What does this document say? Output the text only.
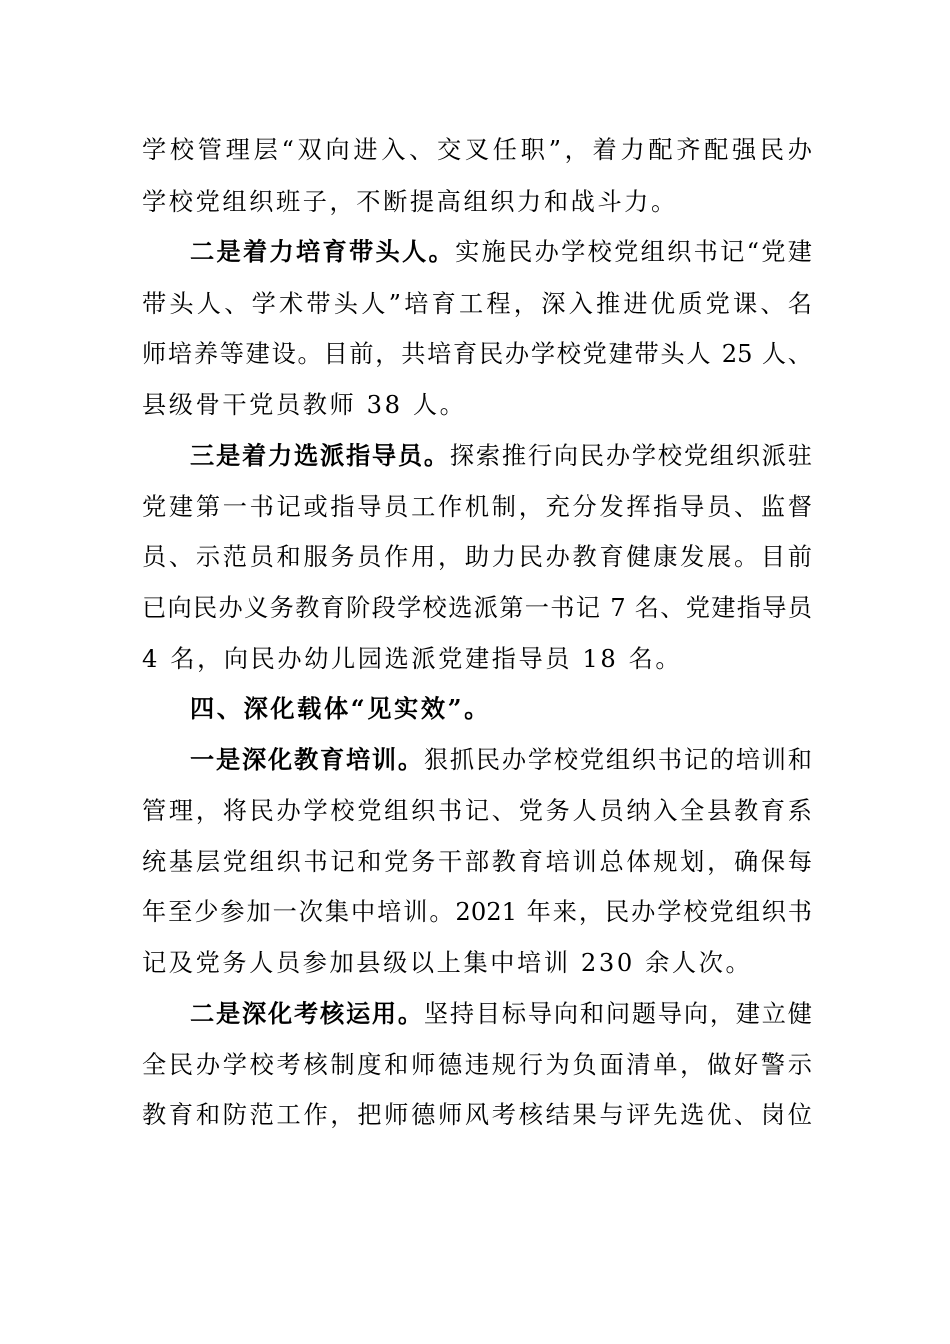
学校管理层“双向进入、交叉任职”，着力配齐配强民办
学校党组织班子，不断提高组织力和战斗力。
二是着力培育带头人。实施民办学校党组织书记“党建
带头人、学术带头人”培育工程，深入推进优质党课、名
师培养等建设。目前，共培育民办学校党建带头人 25 人、
县级骨干党员教师 38 人。
三是着力选派指导员。探索推行向民办学校党组织派驻
党建第一书记或指导员工作机制，充分发挥指导员、监督
员、示范员和服务员作用，助力民办教育健康发展。目前
已向民办义务教育阶段学校选派第一书记 7 名、党建指导员
4 名，向民办幼儿园选派党建指导员 18 名。
四、深化载体“见实效”。
一是深化教育培训。狠抓民办学校党组织书记的培训和
管理，将民办学校党组织书记、党务人员纳入全县教育系
统基层党组织书记和党务干部教育培训总体规划，确保每
年至少参加一次集中培训。2021 年来，民办学校党组织书
记及党务人员参加县级以上集中培训 230 余人次。
二是深化考核运用。坚持目标导向和问题导向，建立健
全民办学校考核制度和师德违规行为负面清单，做好警示
教育和防范工作，把师德师风考核结果与评先选优、岗位
